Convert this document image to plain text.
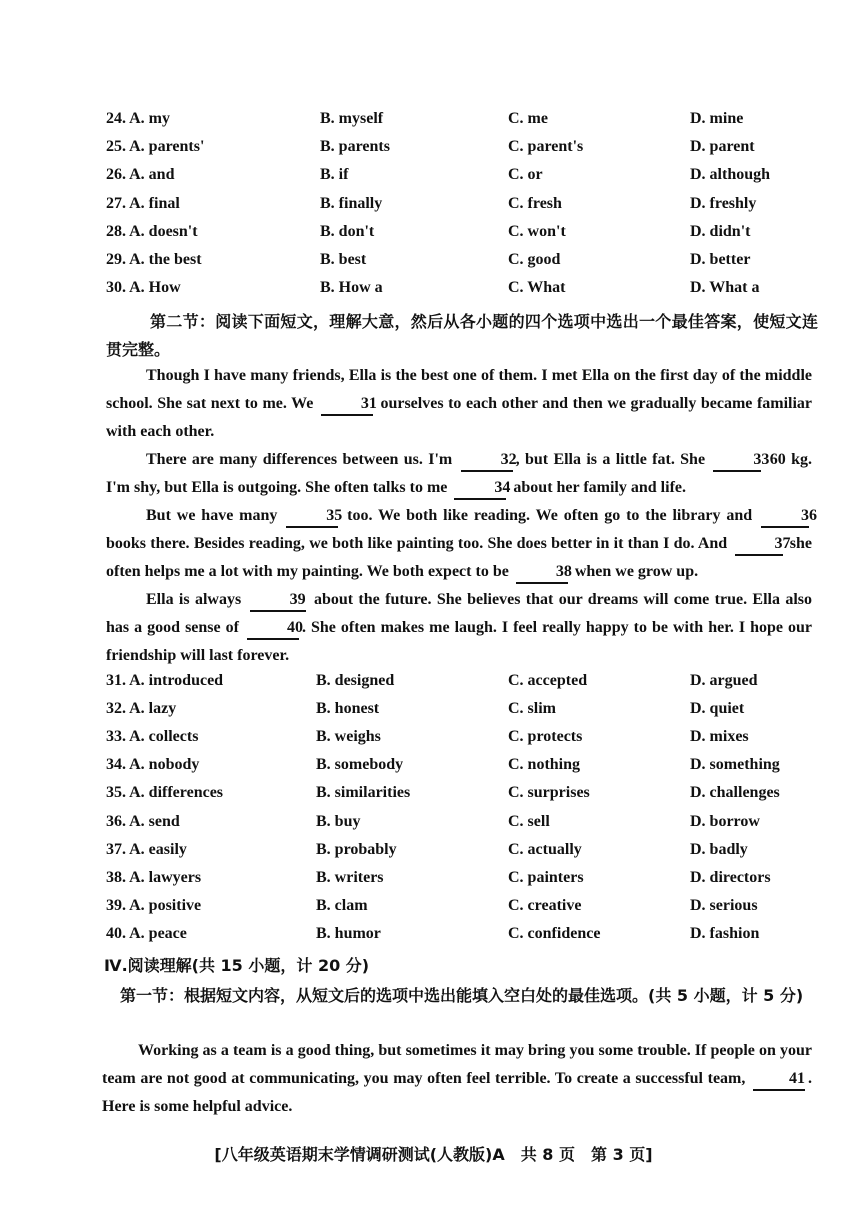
24. A. my	B. myself	C. me	D. mine
25. A. parents'	B. parents	C. parent's	D. parent
26. A. and	B. if	C. or	D. although
27. A. final	B. finally	C. fresh	D. freshly
28. A. doesn't	B. don't	C. won't	D. didn't
29. A. the best	B. best	C. good	D. better
30. A. How	B. How a	C. What	D. What a
第二节：阅读下面短文，理解大意，然后从各小题的四个选项中选出一个最佳答案，使短文连贯完整。
Though I have many friends, Ella is the best one of them. I met Ella on the first day of the middle school. She sat next to me. We	31 ourselves to each other and then we gradually became familiar with each other.
There are many differences between us. I'm	32, but Ella is a little fat. She	33 60 kg. I'm shy, but Ella is outgoing. She often talks to me	34 about her family and life.
But we have many	35 too. We both like reading. We often go to the library and	36 books there. Besides reading, we both like painting too. She does better in it than I do. And	37 she often helps me a lot with my painting. We both expect to be	38 when we grow up.
Ella is always	39 about the future. She believes that our dreams will come true. Ella also has a good sense of	40. She often makes me laugh. I feel really happy to be with her. I hope our friendship will last forever.
31. A. introduced	B. designed	C. accepted	D. argued
32. A. lazy	B. honest	C. slim	D. quiet
33. A. collects	B. weighs	C. protects	D. mixes
34. A. nobody	B. somebody	C. nothing	D. something
35. A. differences	B. similarities	C. surprises	D. challenges
36. A. send	B. buy	C. sell	D. borrow
37. A. easily	B. probably	C. actually	D. badly
38. A. lawyers	B. writers	C. painters	D. directors
39. A. positive	B. clam	C. creative	D. serious
40. A. peace	B. humor	C. confidence	D. fashion
Ⅳ.阅读理解(共 15 小题，计 20 分)
第一节：根据短文内容，从短文后的选项中选出能填入空白处的最佳选项。(共 5 小题，计 5 分)
Working as a team is a good thing, but sometimes it may bring you some trouble. If people on your team are not good at communicating, you may often feel terrible. To create a successful team,	41 . Here is some helpful advice.
[八年级英语期末学情调研测试(人教版)A　共 8 页　第 3 页]
